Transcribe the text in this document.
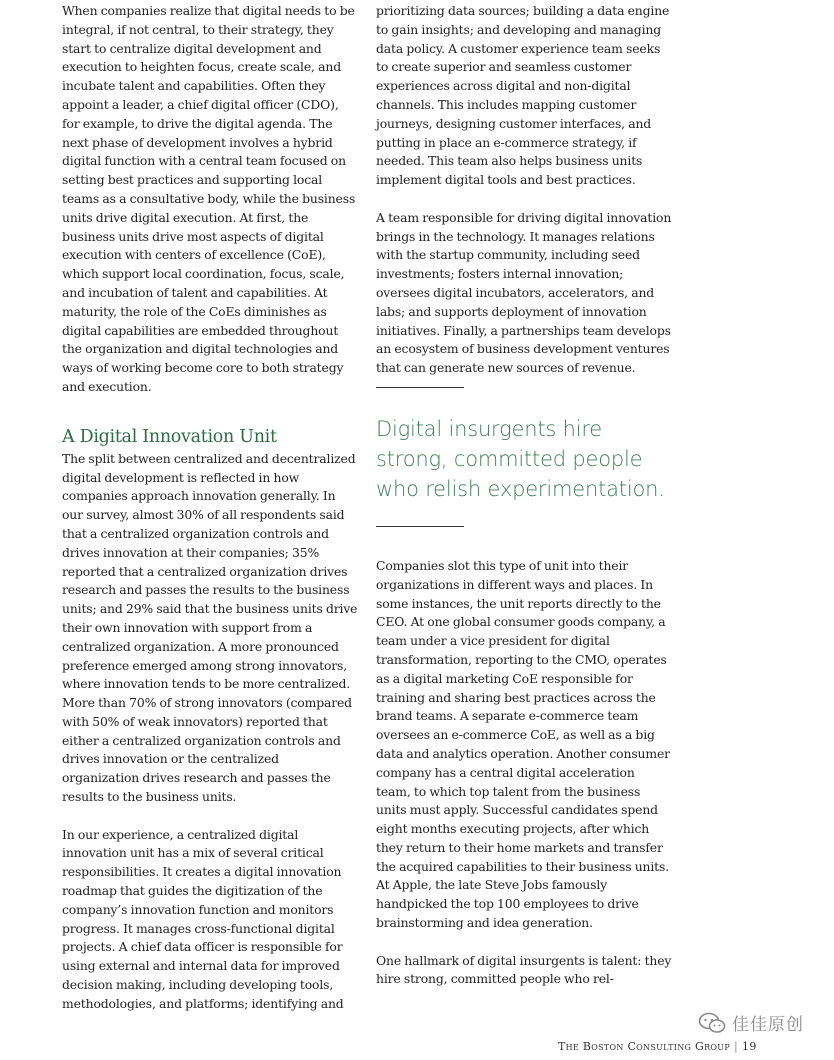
When companies realize that digital needs to be integral, if not central, to their strategy, they start to centralize digital development and execution to heighten focus, create scale, and incubate talent and capabilities. Often they appoint a leader, a chief digital officer (CDO), for example, to drive the digital agenda. The next phase of development involves a hybrid digital function with a central team focused on setting best practices and supporting local teams as a consultative body, while the business units drive digital execution. At first, the business units drive most aspects of digital execution with centers of excellence (CoE), which support local coordination, focus, scale, and incubation of talent and capabilities. At maturity, the role of the CoEs diminishes as digital capabilities are embedded throughout the organization and digital technologies and ways of working become core to both strategy and execution.

A Digital Innovation Unit

The split between centralized and decentralized digital development is reflected in how companies approach innovation generally. In our survey, almost 30% of all respondents said that a centralized organization controls and drives innovation at their companies; 35% reported that a centralized organization drives research and passes the results to the business units; and 29% said that the business units drive their own innovation with support from a centralized organization. A more pronounced preference emerged among strong innovators, where innovation tends to be more centralized. More than 70% of strong innovators (compared with 50% of weak innovators) reported that either a centralized organization controls and drives innovation or the centralized organization drives research and passes the results to the business units.

In our experience, a centralized digital innovation unit has a mix of several critical responsibilities. It creates a digital innovation roadmap that guides the digitization of the company’s innovation function and monitors progress. It manages cross-functional digital projects. A chief data officer is responsible for using external and internal data for improved decision making, including developing tools, methodologies, and platforms; identifying and

prioritizing data sources; building a data engine to gain insights; and developing and managing data policy. A customer experience team seeks to create superior and seamless customer experiences across digital and non-digital channels. This includes mapping customer journeys, designing customer interfaces, and putting in place an e-commerce strategy, if needed. This team also helps business units implement digital tools and best practices.

A team responsible for driving digital innovation brings in the technology. It manages relations with the startup community, including seed investments; fosters internal innovation; oversees digital incubators, accelerators, and labs; and supports deployment of innovation initiatives. Finally, a partnerships team develops an ecosystem of business development ventures that can generate new sources of revenue.

Digital insurgents hire strong, committed people who relish experimentation.

Companies slot this type of unit into their organizations in different ways and places. In some instances, the unit reports directly to the CEO. At one global consumer goods company, a team under a vice president for digital transformation, reporting to the CMO, operates as a digital marketing CoE responsible for training and sharing best practices across the brand teams. A separate e-commerce team oversees an e-commerce CoE, as well as a big data and analytics operation. Another consumer company has a central digital acceleration team, to which top talent from the business units must apply. Successful candidates spend eight months executing projects, after which they return to their home markets and transfer the acquired capabilities to their business units. At Apple, the late Steve Jobs famously handpicked the top 100 employees to drive brainstorming and idea generation.

One hallmark of digital insurgents is talent: they hire strong, committed people who rel-

佳佳原创
The Boston Consulting Group | 19
